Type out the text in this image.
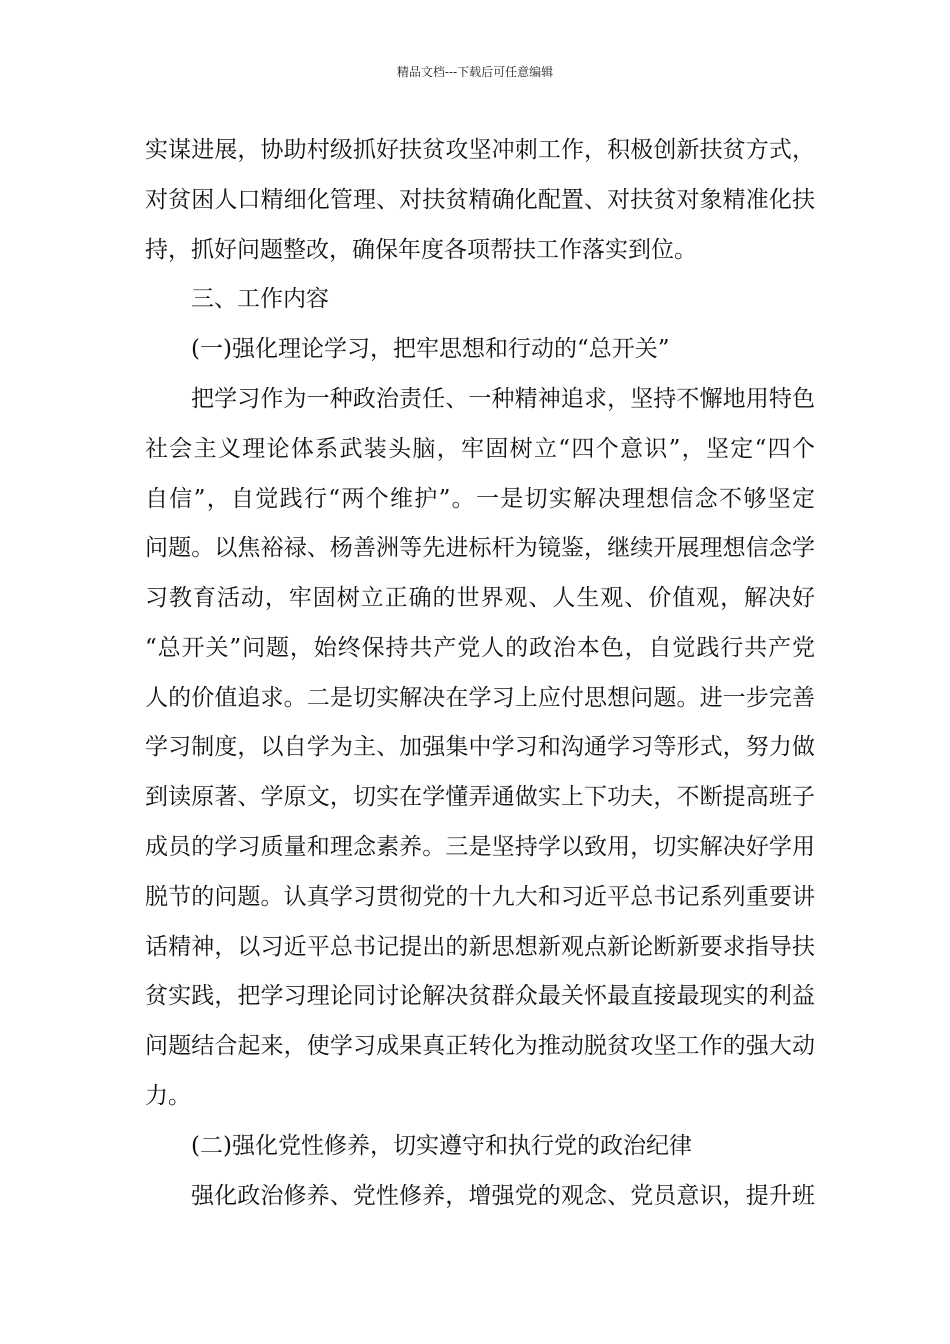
精品文档---下载后可任意编辑
实谋进展，协助村级抓好扶贫攻坚冲刺工作，积极创新扶贫方式，
对贫困人口精细化管理、对扶贫精确化配置、对扶贫对象精准化扶
持，抓好问题整改，确保年度各项帮扶工作落实到位。
三、工作内容
(一)强化理论学习，把牢思想和行动的“总开关”
把学习作为一种政治责任、一种精神追求，坚持不懈地用特色
社会主义理论体系武装头脑，牢固树立“四个意识”，坚定“四个
自信”，自觉践行“两个维护”。一是切实解决理想信念不够坚定
问题。以焦裕禄、杨善洲等先进标杆为镜鉴，继续开展理想信念学
习教育活动，牢固树立正确的世界观、人生观、价值观，解决好
“总开关”问题，始终保持共产党人的政治本色，自觉践行共产党
人的价值追求。二是切实解决在学习上应付思想问题。进一步完善
学习制度，以自学为主、加强集中学习和沟通学习等形式，努力做
到读原著、学原文，切实在学懂弄通做实上下功夫，不断提高班子
成员的学习质量和理念素养。三是坚持学以致用，切实解决好学用
脱节的问题。认真学习贯彻党的十九大和习近平总书记系列重要讲
话精神，以习近平总书记提出的新思想新观点新论断新要求指导扶
贫实践，把学习理论同讨论解决贫群众最关怀最直接最现实的利益
问题结合起来，使学习成果真正转化为推动脱贫攻坚工作的强大动
力。
(二)强化党性修养，切实遵守和执行党的政治纪律
强化政治修养、党性修养，增强党的观念、党员意识，提升班
